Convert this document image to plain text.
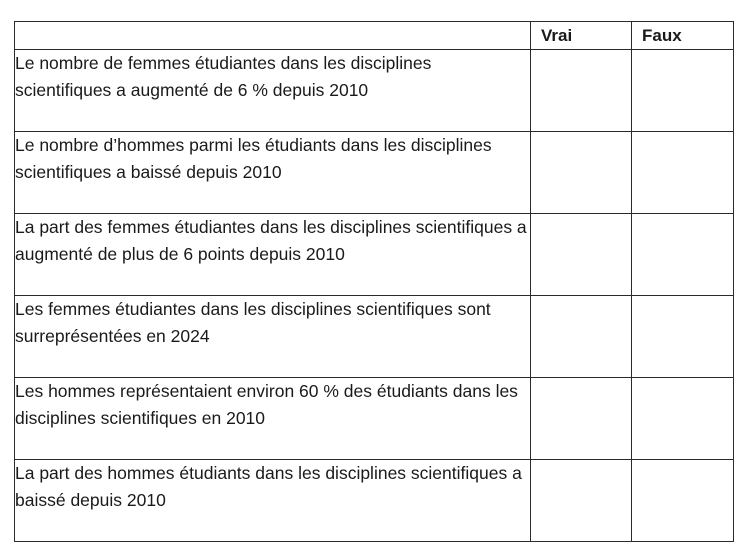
	Vrai	Faux
Le nombre de femmes étudiantes dans les disciplines scientifiques a augmenté de 6 % depuis 2010		
Le nombre d’hommes parmi les étudiants dans les disciplines scientifiques a baissé depuis 2010		
La part des femmes étudiantes dans les disciplines scientifiques a augmenté de plus de 6 points depuis 2010		
Les femmes étudiantes dans les disciplines scientifiques sont surreprésentées en 2024		
Les hommes représentaient environ 60 % des étudiants dans les disciplines scientifiques en 2010		
La part des hommes étudiants dans les disciplines scientifiques a baissé depuis 2010		
